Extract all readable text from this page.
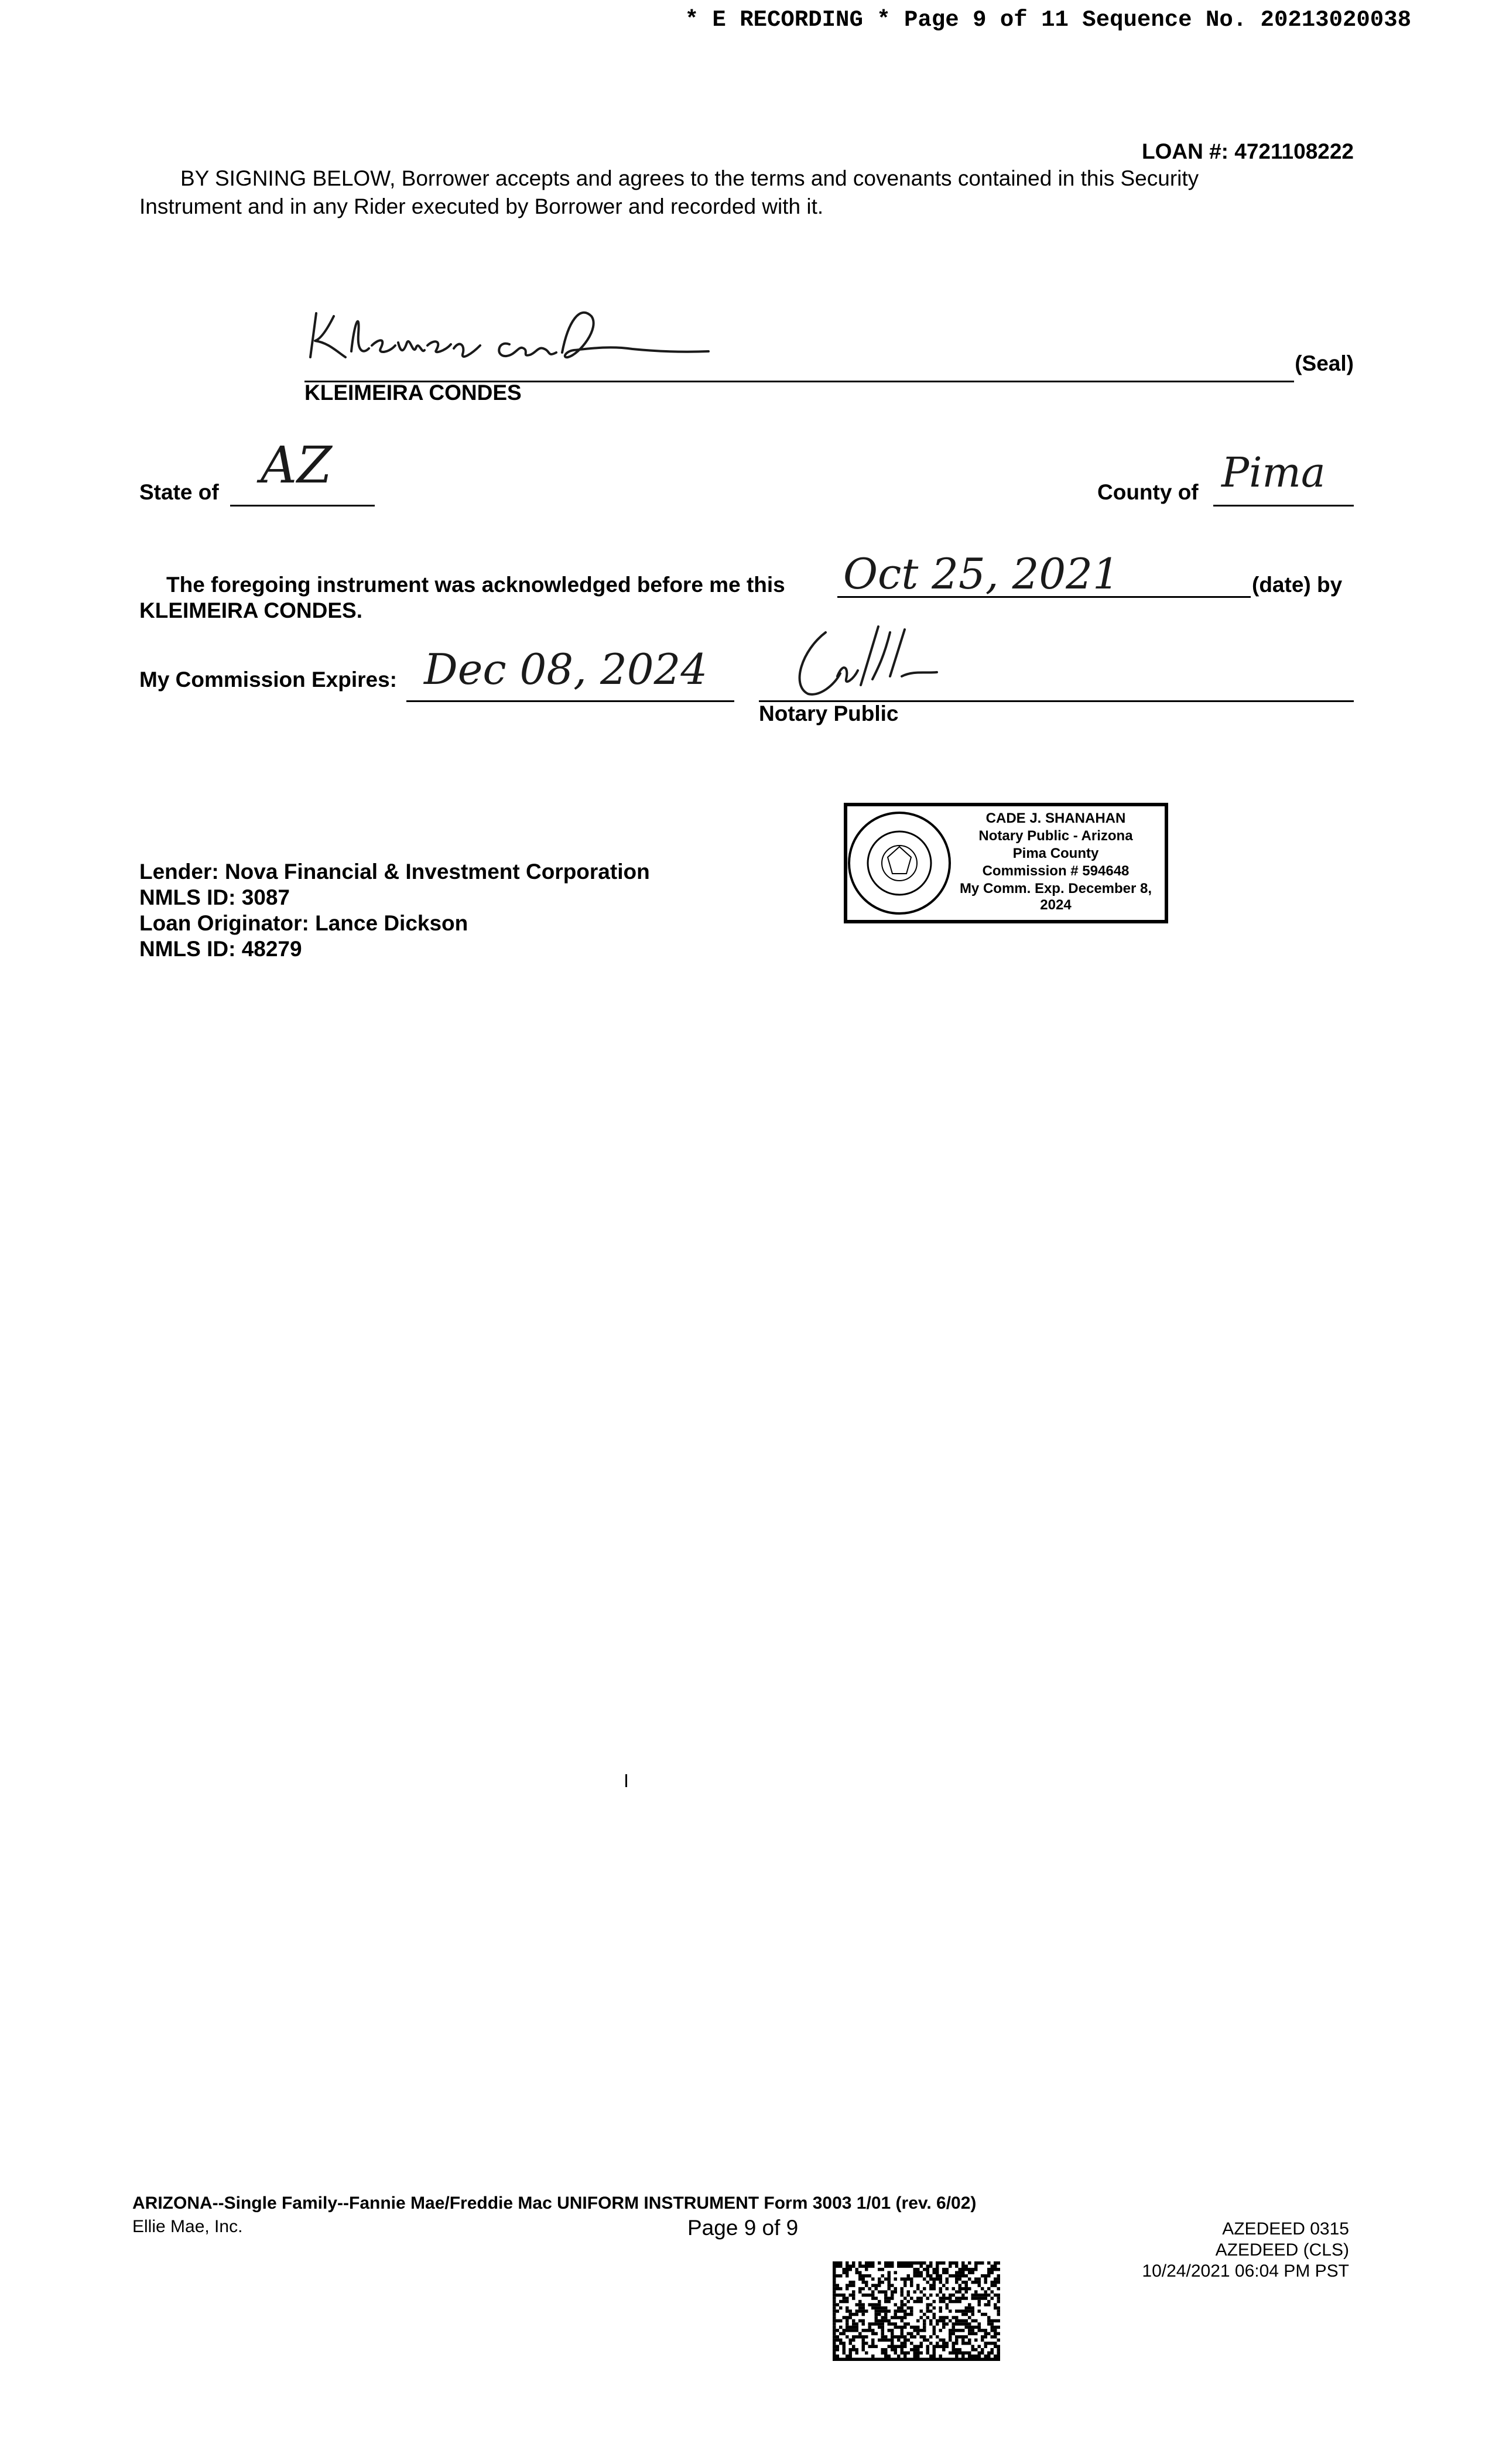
* E RECORDING * Page 9 of 11 Sequence No. 20213020038
LOAN #: 4721108222
BY SIGNING BELOW, Borrower accepts and agrees to the terms and covenants contained in this Security
Instrument and in any Rider executed by Borrower and recorded with it.
(Seal)
KLEIMEIRA CONDES
State of AZ	County of Pima
The foregoing instrument was acknowledged before me this Oct 25, 2021	(date) by
KLEIMEIRA CONDES.
My Commission Expires: Dec 08, 2024
Notary Public
CADE J. SHANAHAN
Notary Public - Arizona
Pima County
Commission # 594648
My Comm. Exp. December 8, 2024
Lender: Nova Financial & Investment Corporation
NMLS ID: 3087
Loan Originator: Lance Dickson
NMLS ID: 48279
ARIZONA--Single Family--Fannie Mae/Freddie Mac UNIFORM INSTRUMENT Form 3003 1/01 (rev. 6/02)
Ellie Mae, Inc.	Page 9 of 9	AZEDEED 0315
AZEDEED (CLS)
10/24/2021 06:04 PM PST
